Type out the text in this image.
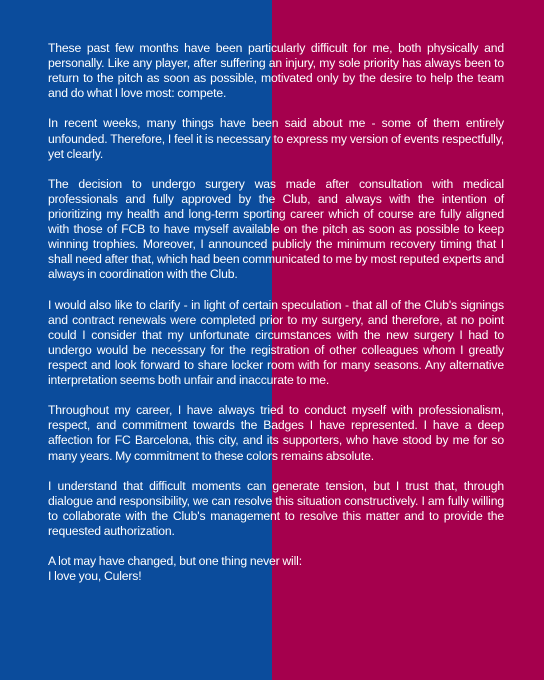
These past few months have been particularly difficult for me, both physically and personally. Like any player, after suffering an injury, my sole priority has always been to return to the pitch as soon as possible, motivated only by the desire to help the team and do what I love most: compete.

In recent weeks, many things have been said about me - some of them entirely unfounded. Therefore, I feel it is necessary to express my version of events respectfully, yet clearly.

The decision to undergo surgery was made after consultation with medical professionals and fully approved by the Club, and always with the intention of prioritizing my health and long-term sporting career which of course are fully aligned with those of FCB to have myself available on the pitch as soon as possible to keep winning trophies. Moreover, I announced publicly the minimum recovery timing that I shall need after that, which had been communicated to me by most reputed experts and always in coordination with the Club.

I would also like to clarify - in light of certain speculation - that all of the Club's signings and contract renewals were completed prior to my surgery, and therefore, at no point could I consider that my unfortunate circumstances with the new surgery I had to undergo would be necessary for the registration of other colleagues whom I greatly respect and look forward to share locker room with for many seasons. Any alternative interpretation seems both unfair and inaccurate to me.

Throughout my career, I have always tried to conduct myself with professionalism, respect, and commitment towards the Badges I have represented. I have a deep affection for FC Barcelona, this city, and its supporters, who have stood by me for so many years. My commitment to these colors remains absolute.

I understand that difficult moments can generate tension, but I trust that, through dialogue and responsibility, we can resolve this situation constructively. I am fully willing to collaborate with the Club's management to resolve this matter and to provide the requested authorization.

A lot may have changed, but one thing never will:
I love you, Culers!
